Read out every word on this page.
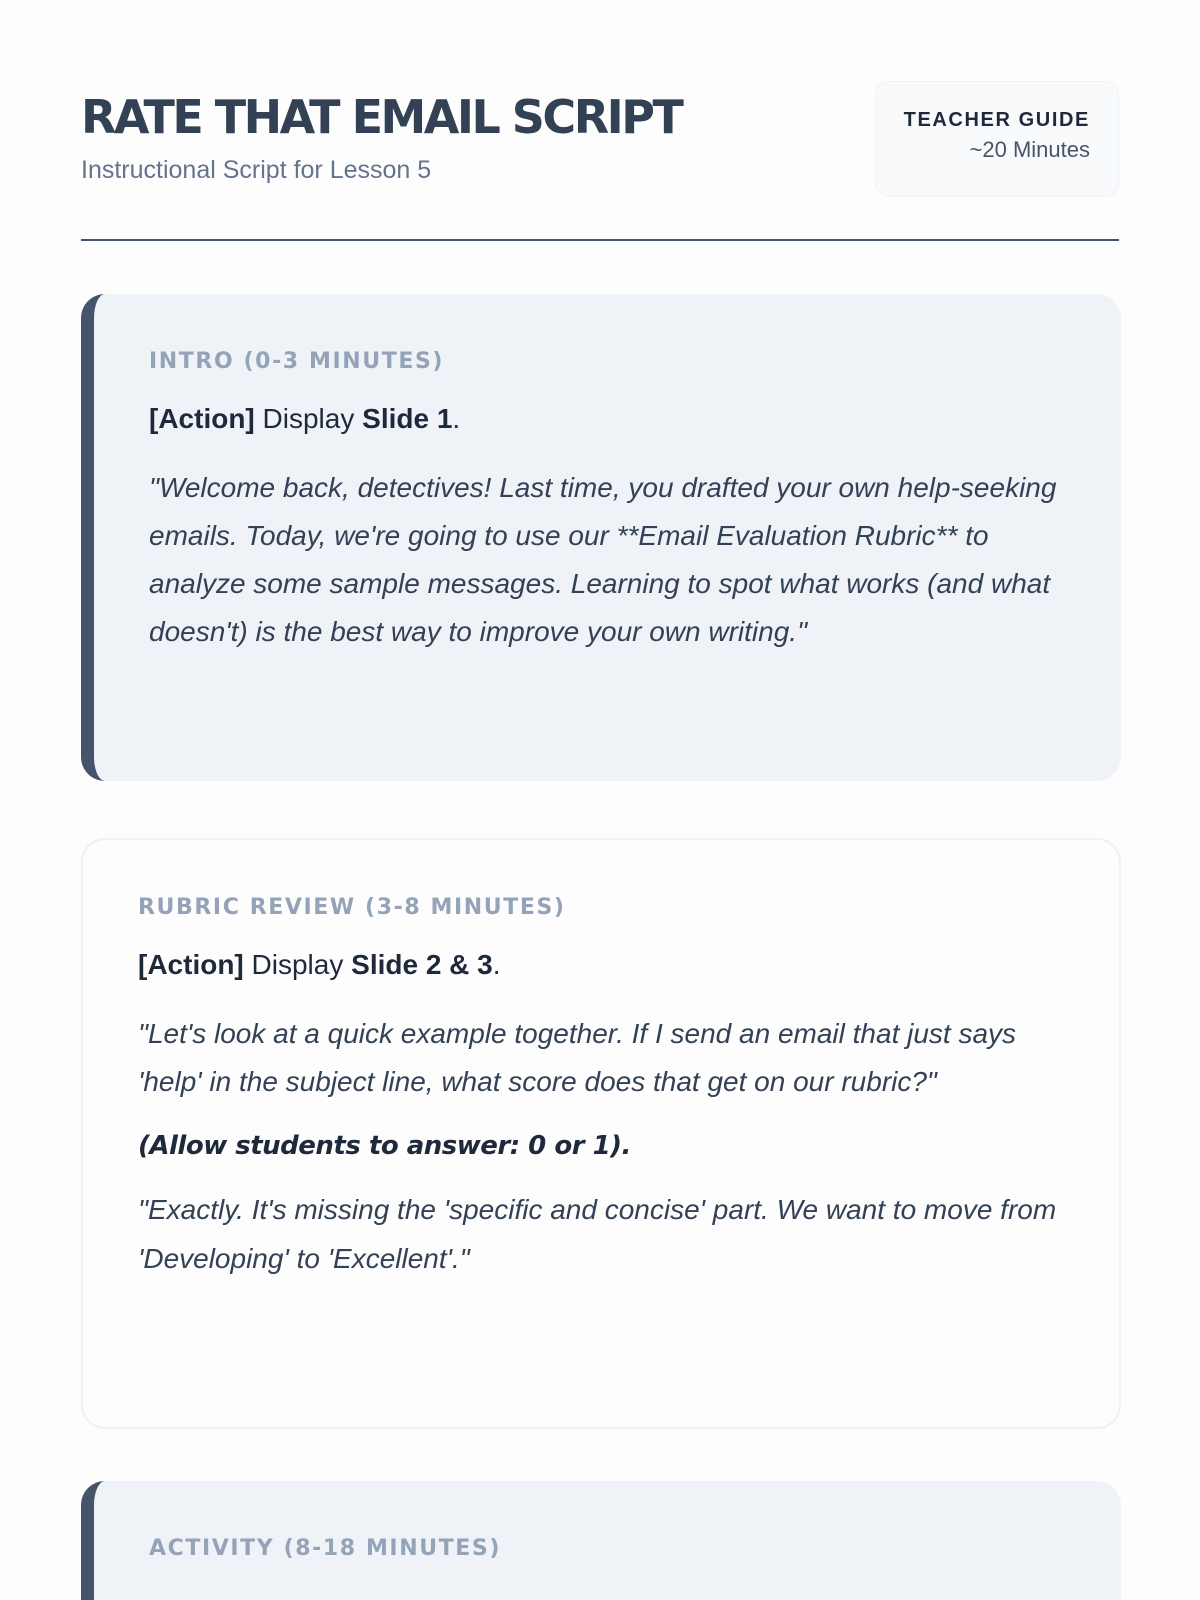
RATE THAT EMAIL SCRIPT
Instructional Script for Lesson 5
TEACHER GUIDE
~20 Minutes
INTRO (0-3 MINUTES)
[Action] Display Slide 1.
"Welcome back, detectives! Last time, you drafted your own help-seeking emails. Today, we're going to use our **Email Evaluation Rubric** to analyze some sample messages. Learning to spot what works (and what doesn't) is the best way to improve your own writing."
RUBRIC REVIEW (3-8 MINUTES)
[Action] Display Slide 2 & 3.
"Let's look at a quick example together. If I send an email that just says 'help' in the subject line, what score does that get on our rubric?"
(Allow students to answer: 0 or 1).
"Exactly. It's missing the 'specific and concise' part. We want to move from 'Developing' to 'Excellent'."
ACTIVITY (8-18 MINUTES)
